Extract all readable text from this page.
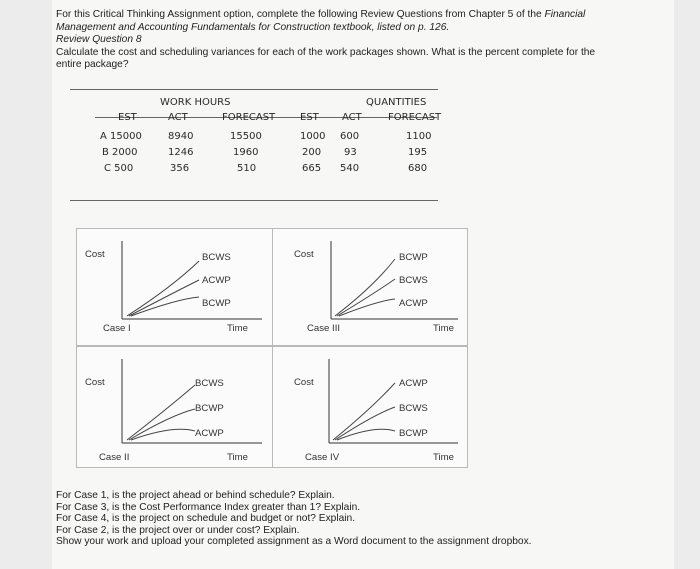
For this Critical Thinking Assignment option, complete the following Review Questions from Chapter 5 of the Financial
Management and Accounting Fundamentals for Construction textbook, listed on p. 126.
Review Question 8
Calculate the cost and scheduling variances for each of the work packages shown. What is the percent complete for the
entire package?
WORK HOURS	QUANTITIES
EST	ACT	FORECAST EST ACT	FORECAST
A 15000	8940	15500	1000 600	1100
B 2000	1246	1960	200 93	195
C 500	356	510	665 540	680
Cost	BCWS
ACWP
BCWP
Case I	Time
Cost	BCWP
BCWS
ACWP
Case III	Time
Cost	BCWS
BCWP
ACWP
Case II	Time
Cost	ACWP
BCWS
BCWP
Case IV	Time
For Case 1, is the project ahead or behind schedule? Explain.
For Case 3, is the Cost Performance Index greater than 1? Explain.
For Case 4, is the project on schedule and budget or not? Explain.
For Case 2, is the project over or under cost? Explain.
Show your work and upload your completed assignment as a Word document to the assignment dropbox.
